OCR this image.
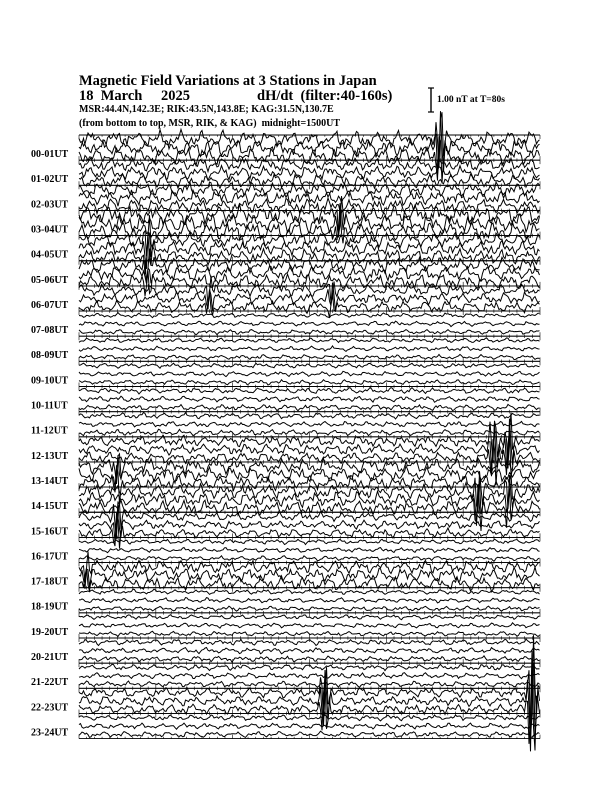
Magnetic Field Variations at 3 Stations in Japan
18 March 2025	dH/dt (filter:40-160s)
MSR:44.4N,142.3E; RIK:43.5N,143.8E; KAG:31.5N,130.7E
(from bottom to top, MSR, RIK, & KAG) midnight=1500UT
1.00 nT at T=80s
00-01UT
01-02UT
02-03UT
03-04UT
04-05UT
05-06UT
06-07UT
07-08UT
08-09UT
09-10UT
10-11UT
11-12UT
12-13UT
13-14UT
14-15UT
15-16UT
16-17UT
17-18UT
18-19UT
19-20UT
20-21UT
21-22UT
22-23UT
23-24UT
